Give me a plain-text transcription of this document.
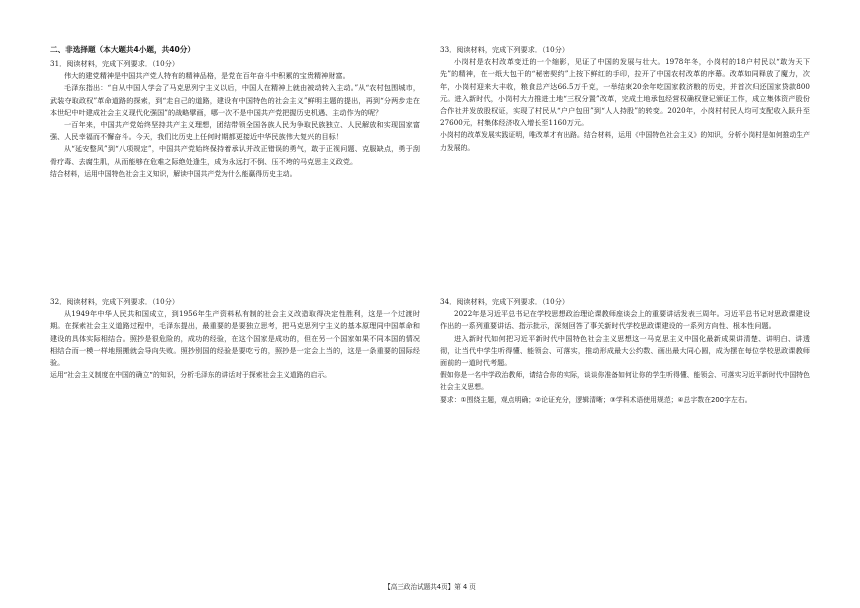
二、非选择题（本大题共4小题，共40分）

31．阅读材料，完成下列要求．（10分）

伟大的建党精神是中国共产党人特有的精神品格，是党在百年奋斗中积累的宝贵精神财富。

毛泽东指出：“自从中国人学会了马克思列宁主义以后，中国人在精神上就由被动转入主动。”从“农村包围城市，武装夺取政权”革命道路的探索，到“走自己的道路，建设有中国特色的社会主义”鲜明主题的提出，再到“分两步走在本世纪中叶建成社会主义现代化强国”的战略擘画，哪一次不是中国共产党把握历史机遇、主动作为的呢？

一百年来，中国共产党始终坚持共产主义理想，团结带领全国各族人民为争取民族独立、人民解放和实现国家富强、人民幸福而不懈奋斗。今天，我们比历史上任何时期都更接近中华民族伟大复兴的目标！

从“延安整风”到“八项规定”，中国共产党始终保持着承认并改正错误的勇气，敢于正视问题、克服缺点，勇于刮骨疗毒、去腐生肌，从而能够在危难之际绝处逢生，成为永远打不倒、压不垮的马克思主义政党。

结合材料，运用中国特色社会主义知识，解读中国共产党为什么能赢得历史主动。

32．阅读材料，完成下列要求．（10分）

从1949年中华人民共和国成立，到1956年生产资料私有制的社会主义改造取得决定性胜利，这是一个过渡时期。在探索社会主义道路过程中，毛泽东提出，最重要的是要独立思考，把马克思列宁主义的基本原理同中国革命和建设的具体实际相结合。照抄是很危险的，成功的经验，在这个国家是成功的，但在另一个国家如果不同本国的情况相结合而一模一样地照搬就会导向失败。照抄别国的经验是要吃亏的，照抄是一定会上当的，这是一条重要的国际经验。

运用“社会主义制度在中国的确立”的知识，分析毛泽东的讲话对于探索社会主义道路的启示。

33．阅读材料，完成下列要求．（10分）

小岗村是农村改革变迁的一个缩影，见证了中国的发展与壮大。1978年冬，小岗村的18户村民以“敢为天下先”的精神，在一纸大包干的“秘密契约”上按下鲜红的手印，拉开了中国农村改革的序幕。改革如同释放了魔力，次年，小岗村迎来大丰收，粮食总产达66.5万千克，一举结束20余年吃国家救济粮的历史，并首次归还国家贷款800元。进入新时代，小岗村大力推进土地“三权分置”改革，完成土地承包经营权确权登记颁证工作，成立集体资产股份合作社并发放股权证，实现了村民从“户户包田”到“人人持股”的转变。2020年，小岗村村民人均可支配收入跃升至27600元，村集体经济收入增长至1160万元。

小岗村的改革发展实践证明，唯改革才有出路。结合材料，运用《中国特色社会主义》的知识，分析小岗村是如何推动生产力发展的。

34．阅读材料，完成下列要求．（10分）

2022年是习近平总书记在学校思想政治理论课教师座谈会上的重要讲话发表三周年。习近平总书记对思政课建设作出的一系列重要讲话、指示批示，深刻回答了事关新时代学校思政课建设的一系列方向性、根本性问题。

进入新时代如何把习近平新时代中国特色社会主义思想这一马克思主义中国化最新成果讲清楚、讲明白、讲透彻，让当代中学生听得懂、能领会、可落实，推动形成最大公约数、画出最大同心圆，成为摆在每位学校思政课教师面前的一道时代考题。

假如你是一名中学政治教师，请结合你的实际，谈谈你准备如何让你的学生听得懂、能领会、可落实习近平新时代中国特色社会主义思想。

要求：①围绕主题，观点明确；②论证充分，逻辑清晰；③学科术语使用规范；④总字数在200字左右。

【高三政治试题共4页】第 4 页
